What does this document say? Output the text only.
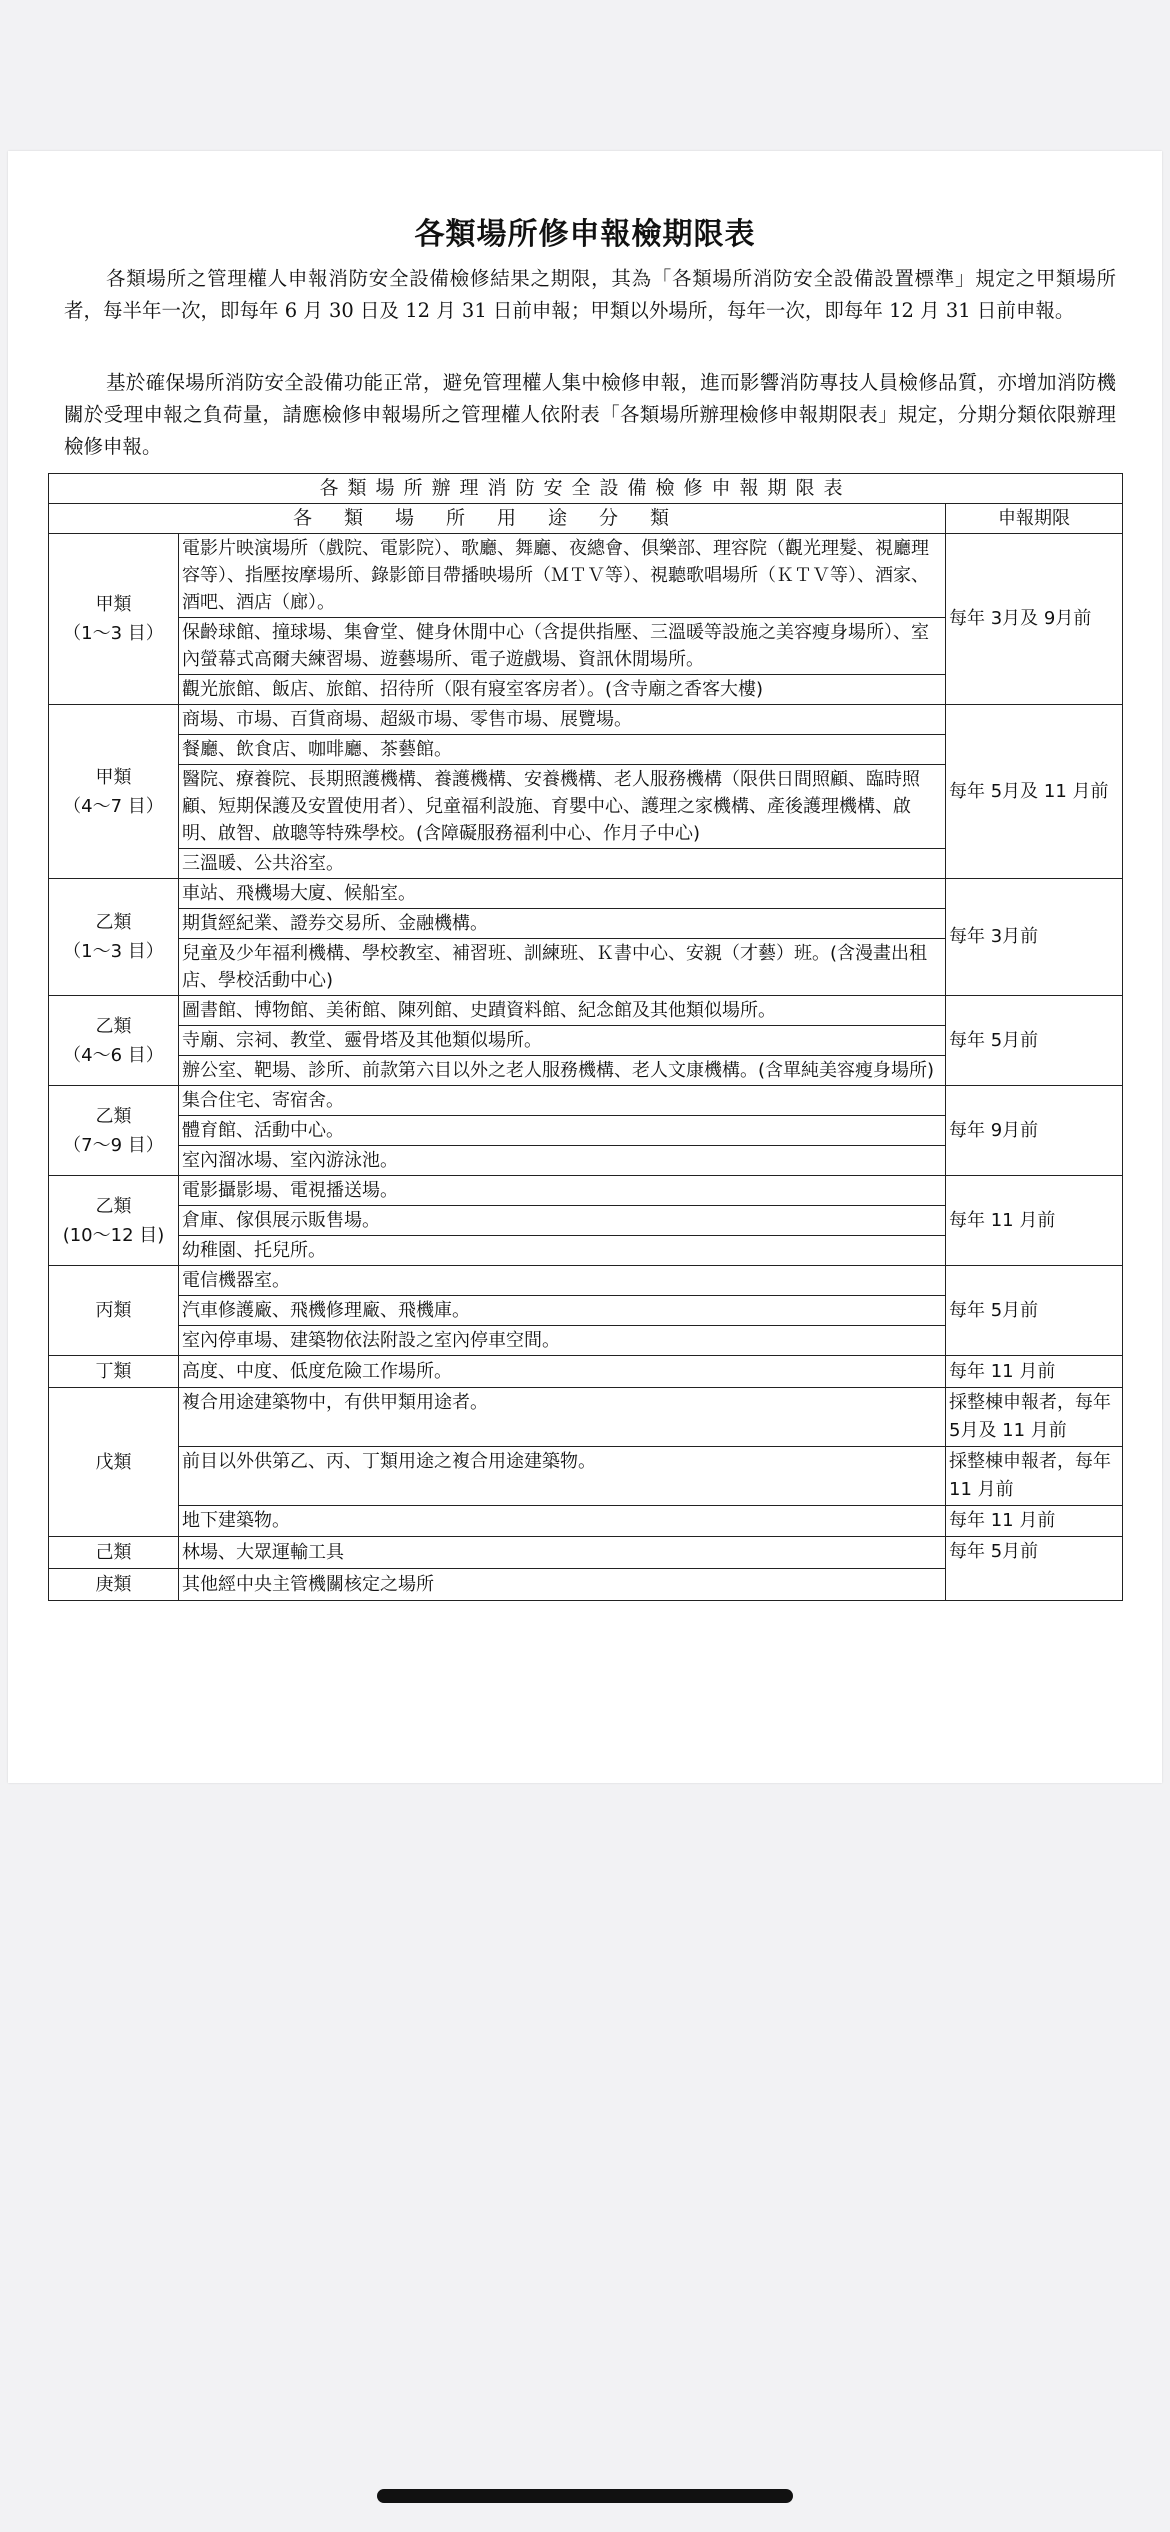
各類場所修申報檢期限表

各類場所之管理權人申報消防安全設備檢修結果之期限，其為「各類場所消防安全設備設置標準」規定之甲類場所者，每半年一次，即每年 6 月 30 日及 12 月 31 日前申報；甲類以外場所，每年一次，即每年 12 月 31 日前申報。

基於確保場所消防安全設備功能正常，避免管理權人集中檢修申報，進而影響消防專技人員檢修品質，亦增加消防機關於受理申報之負荷量，請應檢修申報場所之管理權人依附表「各類場所辦理檢修申報期限表」規定，分期分類依限辦理檢修申報。

各類場所辦理消防安全設備檢修申報期限表		
各類場所用途分類		申報期限

甲類
（1～3 目）	電影片映演場所（戲院、電影院）、歌廳、舞廳、夜總會、俱樂部、理容院（觀光理髮、視廳理容等）、指壓按摩場所、錄影節目帶播映場所（ＭＴＶ等）、視聽歌唱場所（ＫＴＶ等）、酒家、酒吧、酒店（廊）。	每年 3月及 9月前
	保齡球館、撞球場、集會堂、健身休閒中心（含提供指壓、三溫暖等設施之美容瘦身場所）、室內螢幕式高爾夫練習場、遊藝場所、電子遊戲場、資訊休閒場所。	
	觀光旅館、飯店、旅館、招待所（限有寢室客房者）。(含寺廟之香客大樓)	

甲類
（4～7 目）	商場、市場、百貨商場、超級市場、零售市場、展覽場。	每年 5月及 11 月前
	餐廳、飲食店、咖啡廳、茶藝館。	
	醫院、療養院、長期照護機構、養護機構、安養機構、老人服務機構（限供日間照顧、臨時照顧、短期保護及安置使用者）、兒童福利設施、育嬰中心、護理之家機構、產後護理機構、啟明、啟智、啟聰等特殊學校。(含障礙服務福利中心、作月子中心)	
	三溫暖、公共浴室。	

乙類
（1～3 目）	車站、飛機場大廈、候船室。	每年 3月前
	期貨經紀業、證券交易所、金融機構。	
	兒童及少年福利機構、學校教室、補習班、訓練班、Ｋ書中心、安親（才藝）班。(含漫畫出租店、學校活動中心)	

乙類
（4～6 目）	圖書館、博物館、美術館、陳列館、史蹟資料館、紀念館及其他類似場所。	每年 5月前
	寺廟、宗祠、教堂、靈骨塔及其他類似場所。	
	辦公室、靶場、診所、前款第六目以外之老人服務機構、老人文康機構。(含單純美容瘦身場所)	

乙類
（7～9 目）	集合住宅、寄宿舍。	每年 9月前
	體育館、活動中心。	
	室內溜冰場、室內游泳池。	

乙類
(10～12 目)	電影攝影場、電視播送場。	每年 11 月前
	倉庫、傢俱展示販售場。	
	幼稚園、托兒所。	

丙類	電信機器室。	每年 5月前
	汽車修護廠、飛機修理廠、飛機庫。	
	室內停車場、建築物依法附設之室內停車空間。	

丁類	高度、中度、低度危險工作場所。	每年 11 月前
戊類	複合用途建築物中，有供甲類用途者。	採整棟申報者，每年 5月及 11 月前
	前目以外供第乙、丙、丁類用途之複合用途建築物。	採整棟申報者，每年 11 月前
	地下建築物。	每年 11 月前
己類	林場、大眾運輸工具	每年 5月前
庚類	其他經中央主管機關核定之場所	
